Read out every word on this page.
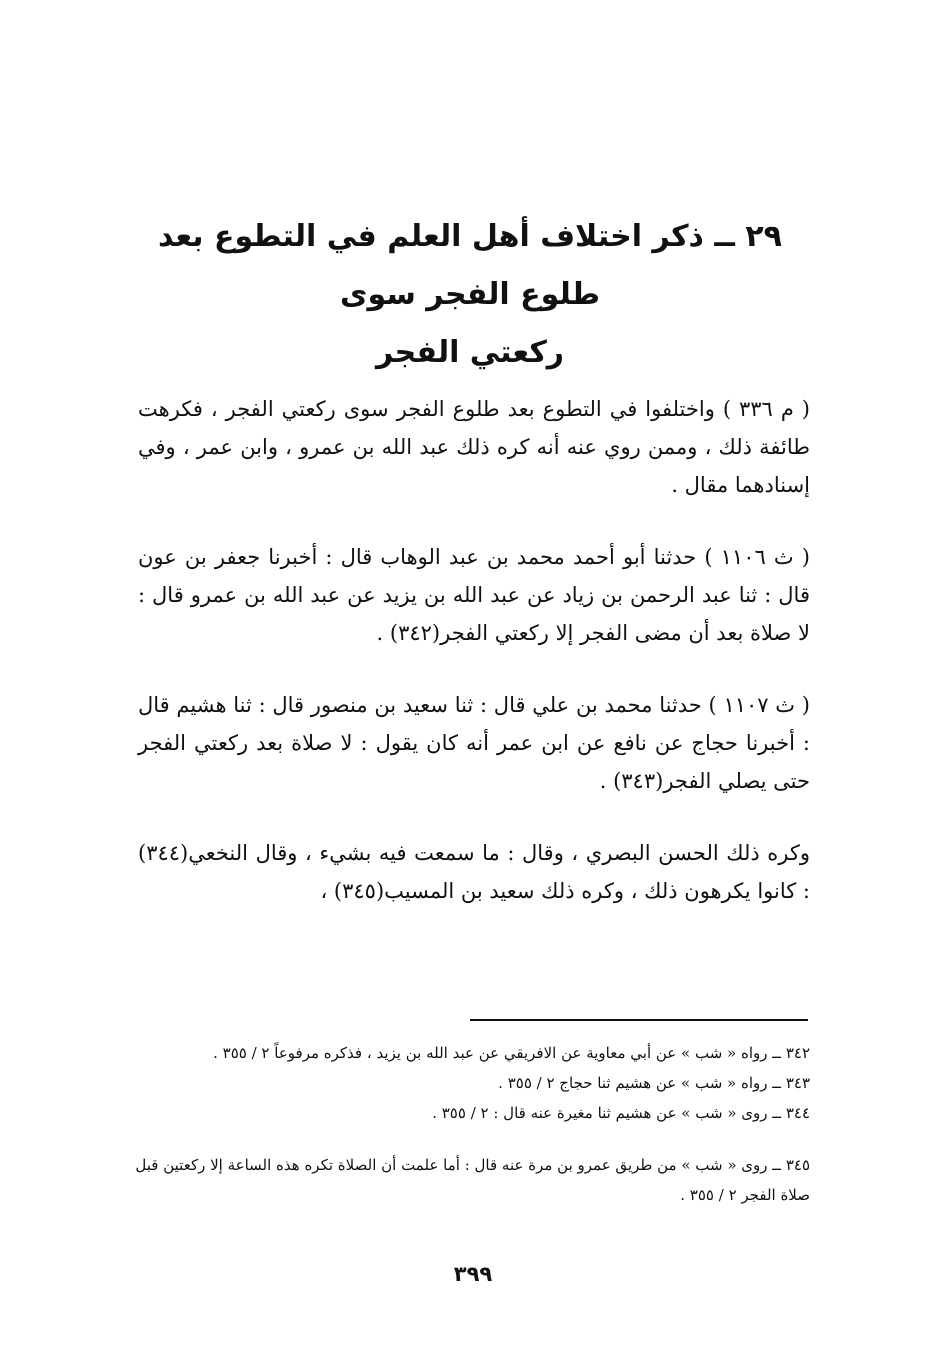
٢٩ ــ ذكر اختلاف أهل العلم في التطوع بعد طلوع الفجر سوى
ركعتي الفجر

( م ٣٣٦ ) واختلفوا في التطوع بعد طلوع الفجر سوى ركعتي الفجر ، فكرهت طائفة ذلك ، وممن روي عنه أنه كره ذلك عبد الله بن عمرو ، وابن عمر ، وفي إسنادهما مقال .

( ث ١١٠٦ ) حدثنا أبو أحمد محمد بن عبد الوهاب قال : أخبرنا جعفر بن عون قال : ثنا عبد الرحمن بن زياد عن عبد الله بن يزيد عن عبد الله بن عمرو قال : لا صلاة بعد أن مضى الفجر إلا ركعتي الفجر(٣٤٢) .

( ث ١١٠٧ ) حدثنا محمد بن علي قال : ثنا سعيد بن منصور قال : ثنا هشيم قال : أخبرنا حجاج عن نافع عن ابن عمر أنه كان يقول : لا صلاة بعد ركعتي الفجر حتى يصلي الفجر(٣٤٣) .

وكره ذلك الحسن البصري ، وقال : ما سمعت فيه بشيء ، وقال النخعي(٣٤٤) : كانوا يكرهون ذلك ، وكره ذلك سعيد بن المسيب(٣٤٥) ،

٣٤٢ ــ رواه « شب » عن أبي معاوية عن الافريقي عن عبد الله بن يزيد ، فذكره مرفوعاً ٢ / ٣٥٥ .
٣٤٣ ــ رواه « شب » عن هشيم ثنا حجاج ٢ / ٣٥٥ .
٣٤٤ ــ روى « شب » عن هشيم ثنا مغيرة عنه قال : ٢ / ٣٥٥ .
٣٤٥ ــ روى « شب » من طريق عمرو بن مرة عنه قال : أما علمت أن الصلاة تكره هذه الساعة إلا ركعتين قبل صلاة الفجر ٢ / ٣٥٥ .
٣٩٩
